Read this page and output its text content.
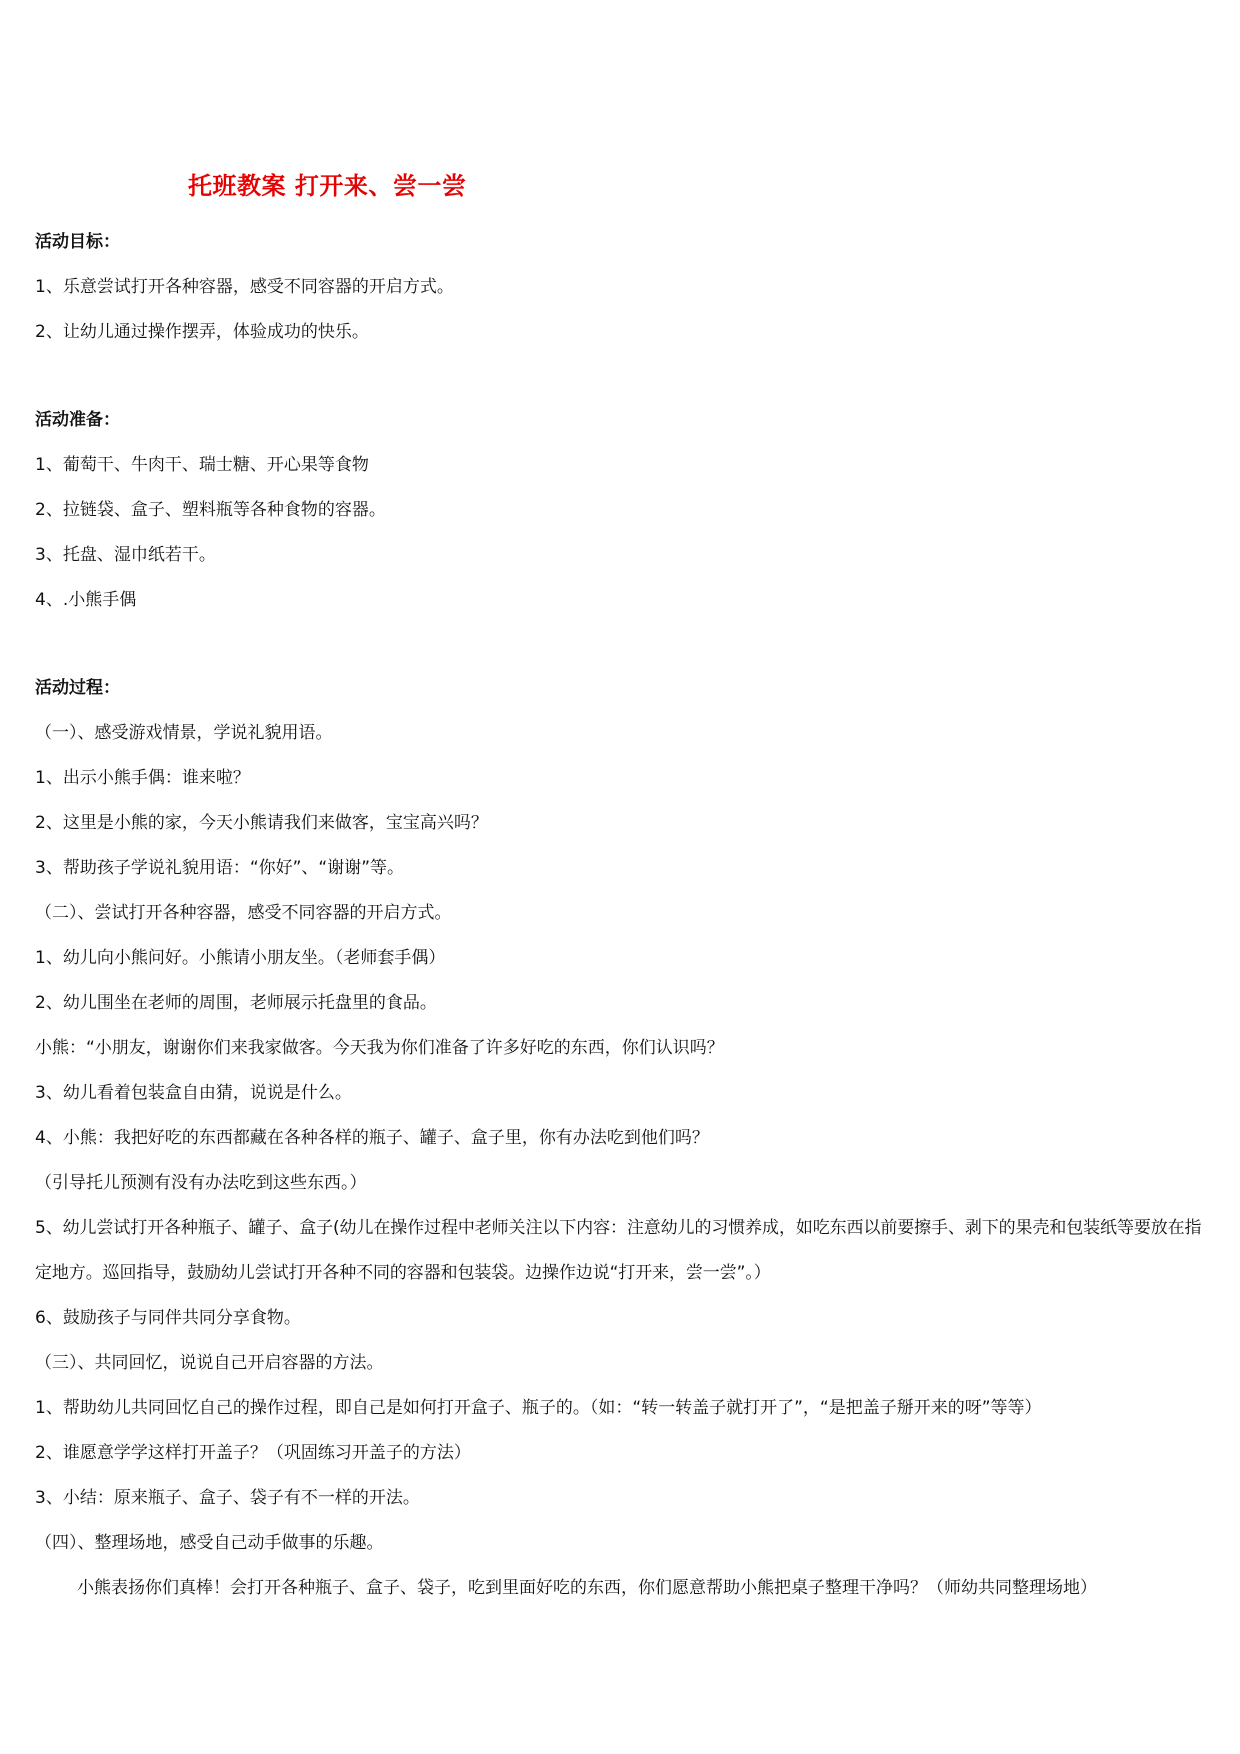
托班教案 打开来、尝一尝
活动目标：
1、乐意尝试打开各种容器，感受不同容器的开启方式。
2、让幼儿通过操作摆弄，体验成功的快乐。
活动准备：
1、葡萄干、牛肉干、瑞士糖、开心果等食物
2、拉链袋、盒子、塑料瓶等各种食物的容器。
3、托盘、湿巾纸若干。
4、.小熊手偶
活动过程：
（一）、感受游戏情景，学说礼貌用语。
1、出示小熊手偶：谁来啦？
2、这里是小熊的家，今天小熊请我们来做客，宝宝高兴吗？
3、帮助孩子学说礼貌用语：“你好”、“谢谢”等。
（二）、尝试打开各种容器，感受不同容器的开启方式。
1、幼儿向小熊问好。小熊请小朋友坐。（老师套手偶）
2、幼儿围坐在老师的周围，老师展示托盘里的食品。
小熊：“小朋友，谢谢你们来我家做客。今天我为你们准备了许多好吃的东西，你们认识吗？
3、幼儿看着包装盒自由猜，说说是什么。
4、小熊：我把好吃的东西都藏在各种各样的瓶子、罐子、盒子里，你有办法吃到他们吗？
（引导托儿预测有没有办法吃到这些东西。）
5、幼儿尝试打开各种瓶子、罐子、盒子(幼儿在操作过程中老师关注以下内容：注意幼儿的习惯养成，如吃东西以前要擦手、剥下的果壳和包装纸等要放在指定地方。巡回指导，鼓励幼儿尝试打开各种不同的容器和包装袋。边操作边说“打开来，尝一尝”。）
6、鼓励孩子与同伴共同分享食物。
（三）、共同回忆，说说自己开启容器的方法。
1、帮助幼儿共同回忆自己的操作过程，即自己是如何打开盒子、瓶子的。（如：“转一转盖子就打开了”，“是把盖子掰开来的呀”等等）
2、谁愿意学学这样打开盖子？（巩固练习开盖子的方法）
3、小结：原来瓶子、盒子、袋子有不一样的开法。
（四）、整理场地，感受自己动手做事的乐趣。
小熊表扬你们真棒！会打开各种瓶子、盒子、袋子，吃到里面好吃的东西，你们愿意帮助小熊把桌子整理干净吗？（师幼共同整理场地）
